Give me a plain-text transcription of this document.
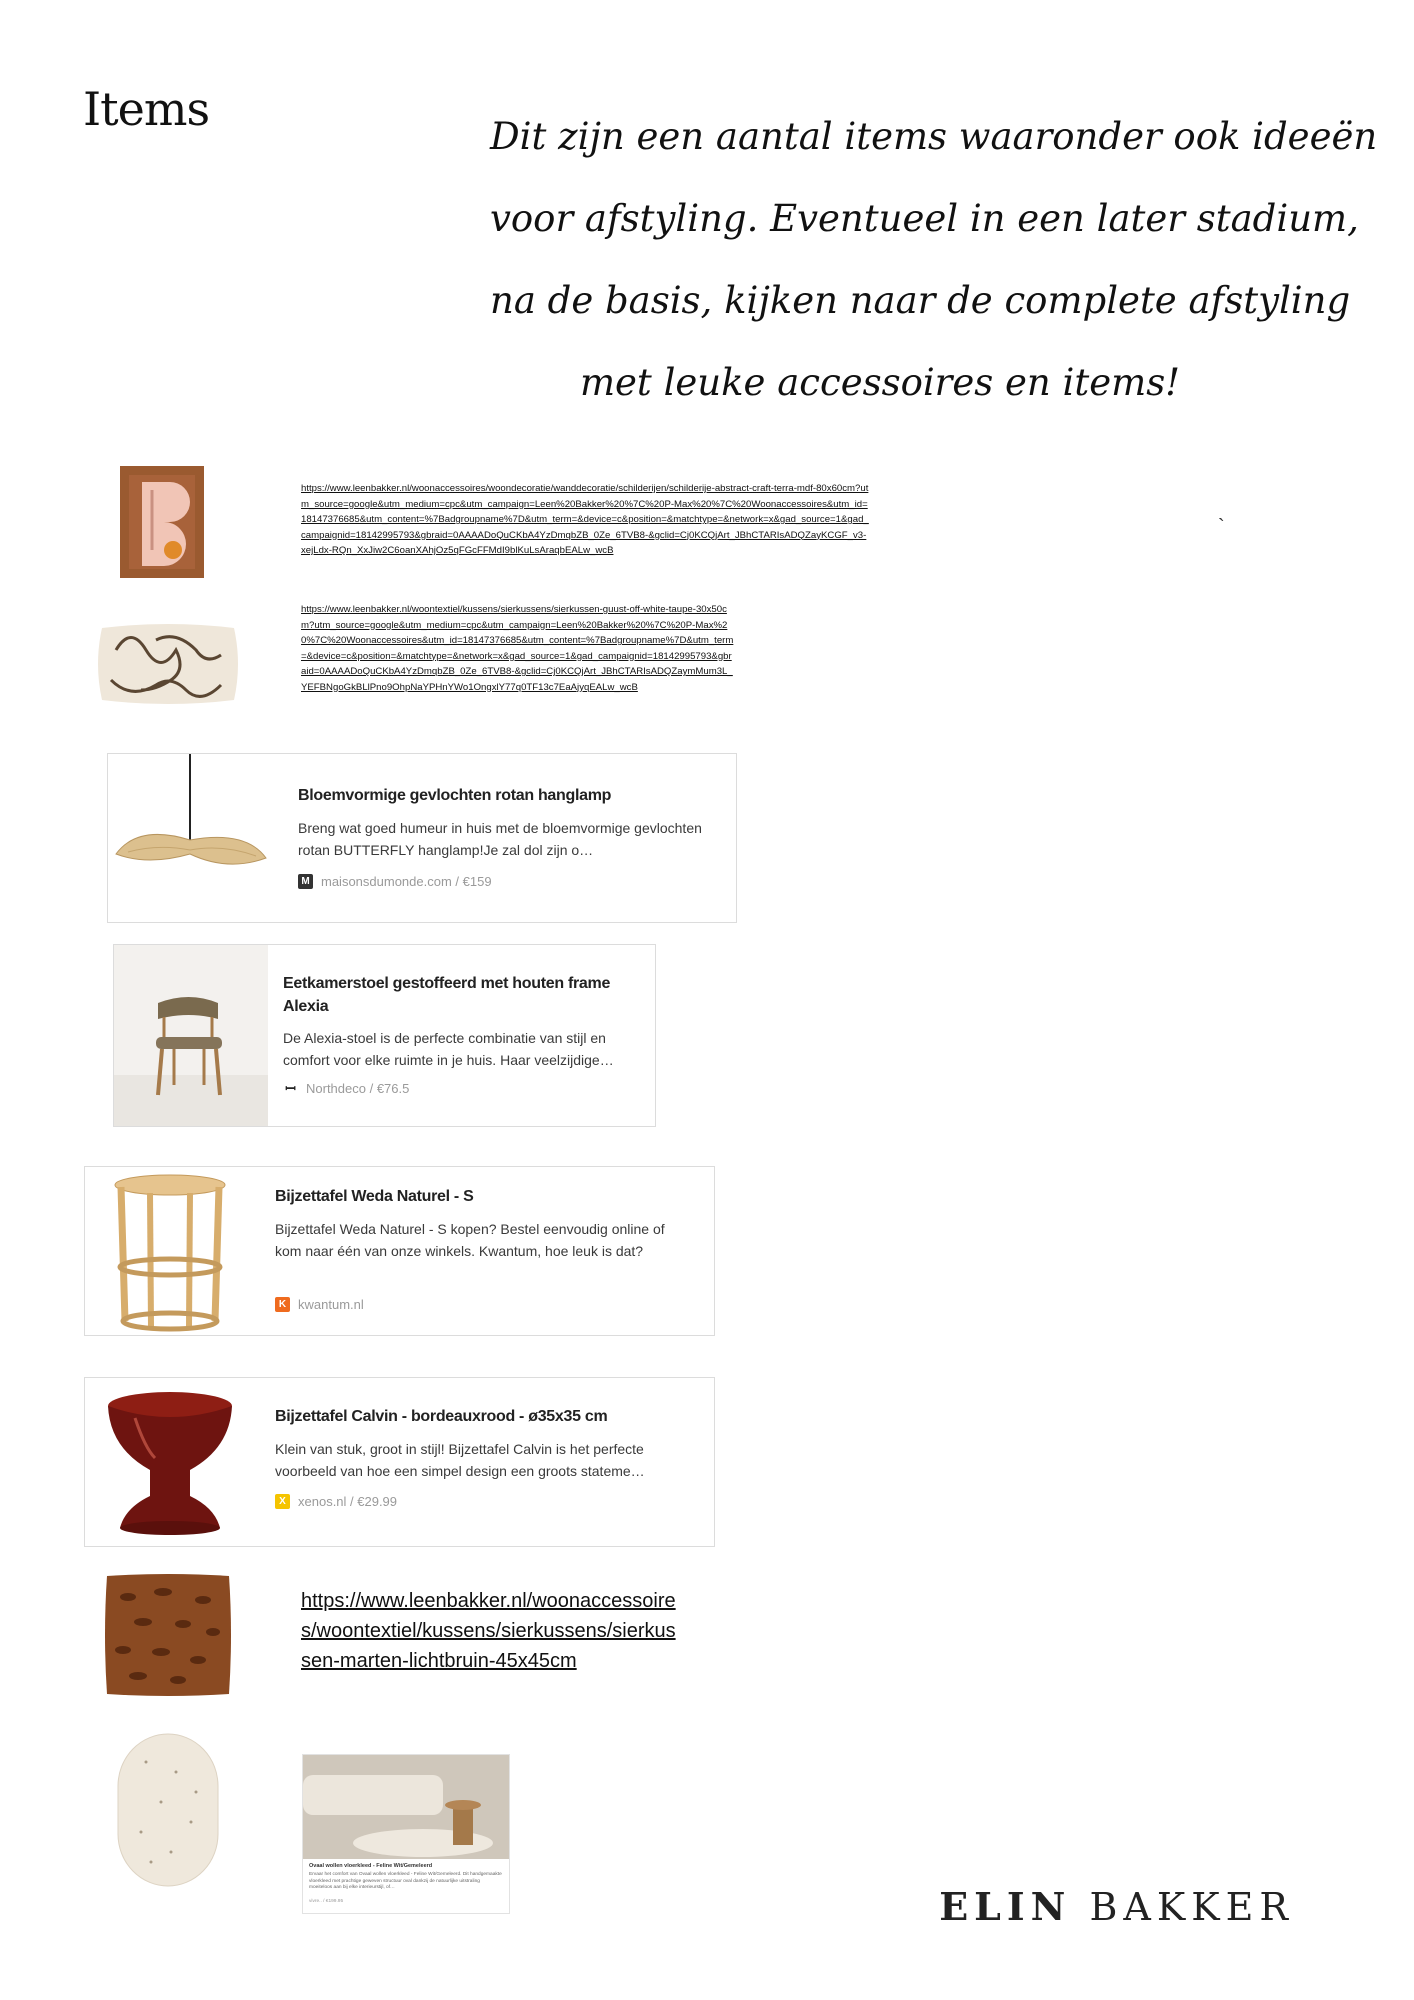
Items
Dit zijn een aantal items waaronder ook ideeën
voor afstyling. Eventueel in een later stadium,
na de basis, kijken naar de complete afstyling
met leuke accessoires en items!
`
https://www.leenbakker.nl/woonaccessoires/woondecoratie/wanddecoratie/schilderijen/schilderije-abstract-craft-terra-mdf-80x60cm?utm_source=google&utm_medium=cpc&utm_campaign=Leen%20Bakker%20%7C%20P-Max%20%7C%20Woonaccessoires&utm_id=18147376685&utm_content=%7Badgroupname%7D&utm_term=&device=c&position=&matchtype=&network=x&gad_source=1&gad_campaignid=18142995793&gbraid=0AAAADoQuCKbA4YzDmqbZB_0Ze_6TVB8-&gclid=Cj0KCQjArt_JBhCTARIsADQZayKCGF_v3-xejLdx-RQn_XxJiw2C6oanXAhjOz5qFGcFFMdI9blKuLsAraqbEALw_wcB
https://www.leenbakker.nl/woontextiel/kussens/sierkussens/sierkussen-guust-off-white-taupe-30x50cm?utm_source=google&utm_medium=cpc&utm_campaign=Leen%20Bakker%20%7C%20P-Max%20%7C%20Woonaccessoires&utm_id=18147376685&utm_content=%7Badgroupname%7D&utm_term=&device=c&position=&matchtype=&network=x&gad_source=1&gad_campaignid=18142995793&gbraid=0AAAADoQuCKbA4YzDmqbZB_0Ze_6TVB8-&gclid=Cj0KCQjArt_JBhCTARIsADQZaymMum3L_YEFBNgoGkBLlPno9OhpNaYPHnYWo1OngxlY77q0TF13c7EaAjyqEALw_wcB
Bloemvormige gevlochten rotan hanglamp
Breng wat goed humeur in huis met de bloemvormige gevlochten rotan BUTTERFLY hanglamp!Je zal dol zijn o…
M maisonsdumonde.com / €159
Eetkamerstoel gestoffeerd met houten frame Alexia
De Alexia-stoel is de perfecte combinatie van stijl en comfort voor elke ruimte in je huis. Haar veelzijdige…
ꟷ Northdeco / €76.5
Bijzettafel Weda Naturel - S
Bijzettafel Weda Naturel - S kopen? Bestel eenvoudig online of kom naar één van onze winkels. Kwantum, hoe leuk is dat?
K kwantum.nl
Bijzettafel Calvin - bordeauxrood - ø35x35 cm
Klein van stuk, groot in stijl! Bijzettafel Calvin is het perfecte voorbeeld van hoe een simpel design een groots stateme…
X xenos.nl / €29.99
https://www.leenbakker.nl/woonaccessoires/woontextiel/kussens/sierkussens/sierkussen-marten-lichtbruin-45x45cm
Ovaal wollen vloerkleed - Feline Wit/Gemeleerd
Ervaar het comfort van Ovaal wollen vloerkleed - Feline Wit/Gemeleerd. Dit handgemaakte vloerkleed met prachtige geweven structuur oval dankzij de natuurlijke uitstraling moeiteloos aan bij elke interieurstijl, of…
vivre.. / €199.95	ELIN BAKKER
